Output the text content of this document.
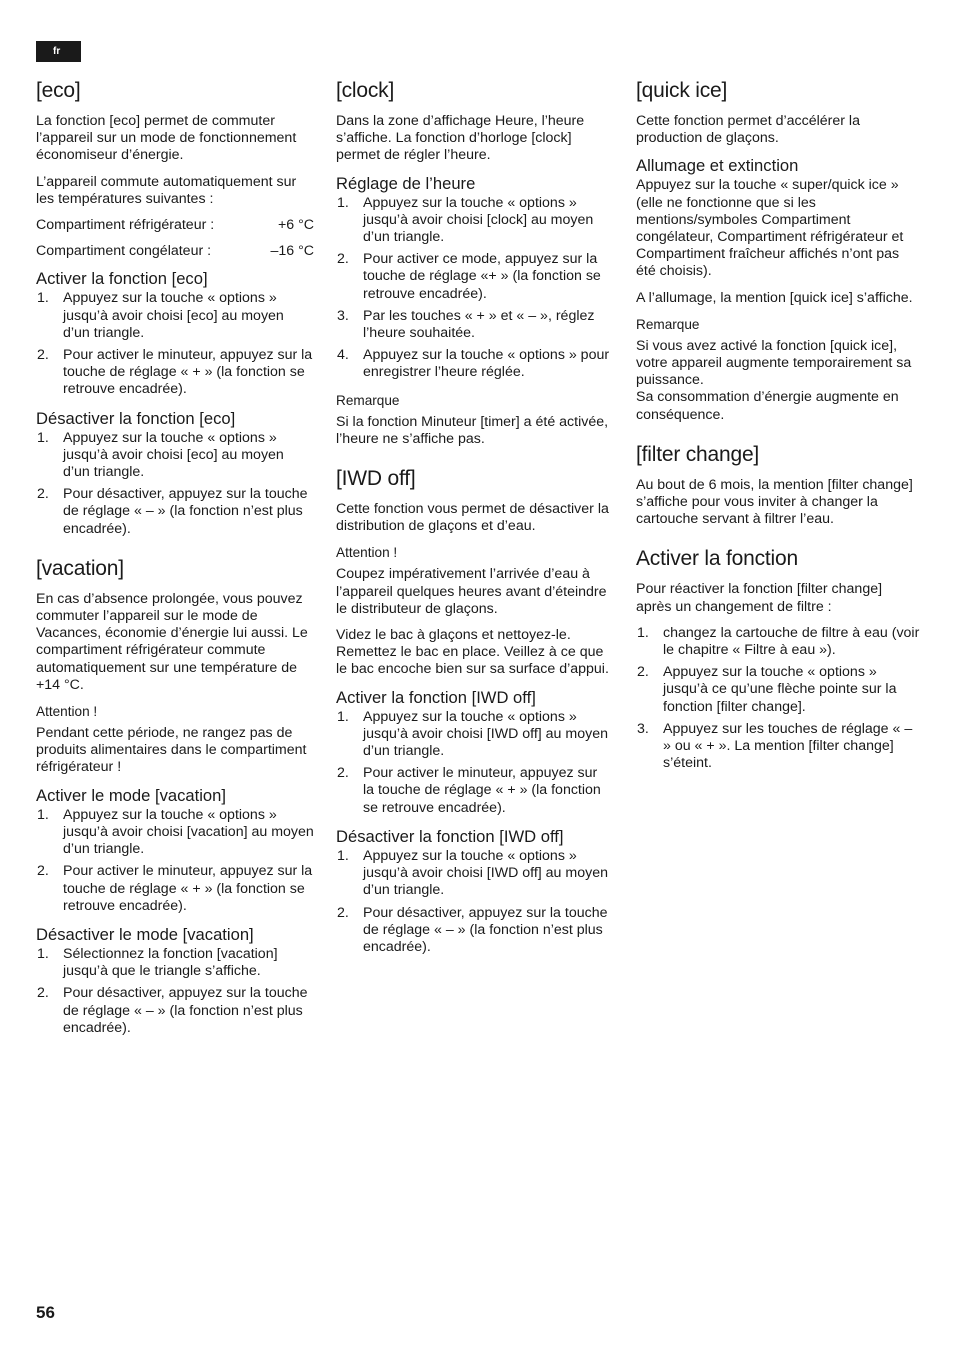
fr
[eco]

La fonction [eco] permet de commuter l’appareil sur un mode de fonctionnement économiseur d’énergie.

L’appareil commute automatiquement sur les températures suivantes :

Compartiment réfrigérateur :	+6 °C
Compartiment congélateur :	–16 °C
Activer la fonction [eco]
1. Appuyez sur la touche « options » jusqu’à avoir choisi [eco] au moyen d’un triangle.
2. Pour activer le minuteur, appuyez sur la touche de réglage « + » (la fonction se retrouve encadrée).
Désactiver la fonction [eco]
1. Appuyez sur la touche « options » jusqu’à avoir choisi [eco] au moyen d’un triangle.
2. Pour désactiver, appuyez sur la touche de réglage « – » (la fonction n’est plus encadrée).
[vacation]

En cas d’absence prolongée, vous pouvez commuter l’appareil sur le mode de Vacances, économie d’énergie lui aussi. Le compartiment réfrigérateur commute automatiquement sur une température de +14 °C.

Attention !

Pendant cette période, ne rangez pas de produits alimentaires dans le compartiment réfrigérateur !

Activer le mode [vacation]
1. Appuyez sur la touche « options » jusqu’à avoir choisi [vacation] au moyen d’un triangle.
2. Pour activer le minuteur, appuyez sur la touche de réglage « + » (la fonction se retrouve encadrée).
Désactiver le mode [vacation]
1. Sélectionnez la fonction [vacation] jusqu’à que le triangle s’affiche.
2. Pour désactiver, appuyez sur la touche de réglage « – » (la fonction n’est plus encadrée).
[clock]

Dans la zone d’affichage Heure, l’heure s’affiche. La fonction d’horloge [clock] permet de régler l’heure.

Réglage de l’heure
1. Appuyez sur la touche « options » jusqu’à avoir choisi [clock] au moyen d’un triangle.
2. Pour activer ce mode, appuyez sur la touche de réglage «+ » (la fonction se retrouve encadrée).
3. Par les touches « + » et « – », réglez l’heure souhaitée.
4. Appuyez sur la touche « options » pour enregistrer l’heure réglée.
Remarque

Si la fonction Minuteur [timer] a été activée, l’heure ne s’affiche pas.

[IWD off]

Cette fonction vous permet de désactiver la distribution de glaçons et d’eau.

Attention !

Coupez impérativement l’arrivée d’eau à l’appareil quelques heures avant d’éteindre le distributeur de glaçons.

Videz le bac à glaçons et nettoyez-le. Remettez le bac en place. Veillez à ce que le bac encoche bien sur sa surface d’appui.

Activer la fonction [IWD off]
1. Appuyez sur la touche « options » jusqu’à avoir choisi [IWD off] au moyen d’un triangle.
2. Pour activer le minuteur, appuyez sur la touche de réglage « + » (la fonction se retrouve encadrée).
Désactiver la fonction [IWD off]
1. Appuyez sur la touche « options » jusqu’à avoir choisi [IWD off] au moyen d’un triangle.
2. Pour désactiver, appuyez sur la touche de réglage « – » (la fonction n’est plus encadrée).
[quick ice]

Cette fonction permet d’accélérer la production de glaçons.

Allumage et extinction

Appuyez sur la touche « super/quick ice » (elle ne fonctionne que si les mentions/symboles Compartiment congélateur, Compartiment réfrigérateur et Compartiment fraîcheur affichés n’ont pas été choisis).

A l’allumage, la mention [quick ice] s’affiche.

Remarque

Si vous avez activé la fonction [quick ice], votre appareil augmente temporairement sa puissance.

Sa consommation d’énergie augmente en conséquence.

[filter change]

Au bout de 6 mois, la mention [filter change] s’affiche pour vous inviter à changer la cartouche servant à filtrer l’eau.

Activer la fonction

Pour réactiver la fonction [filter change] après un changement de filtre :

1. changez la cartouche de filtre à eau (voir le chapitre « Filtre à eau »).
2. Appuyez sur la touche « options » jusqu’à ce qu’une flèche pointe sur la fonction [filter change].
3. Appuyez sur les touches de réglage « – » ou « + ». La mention [filter change] s’éteint.
56
